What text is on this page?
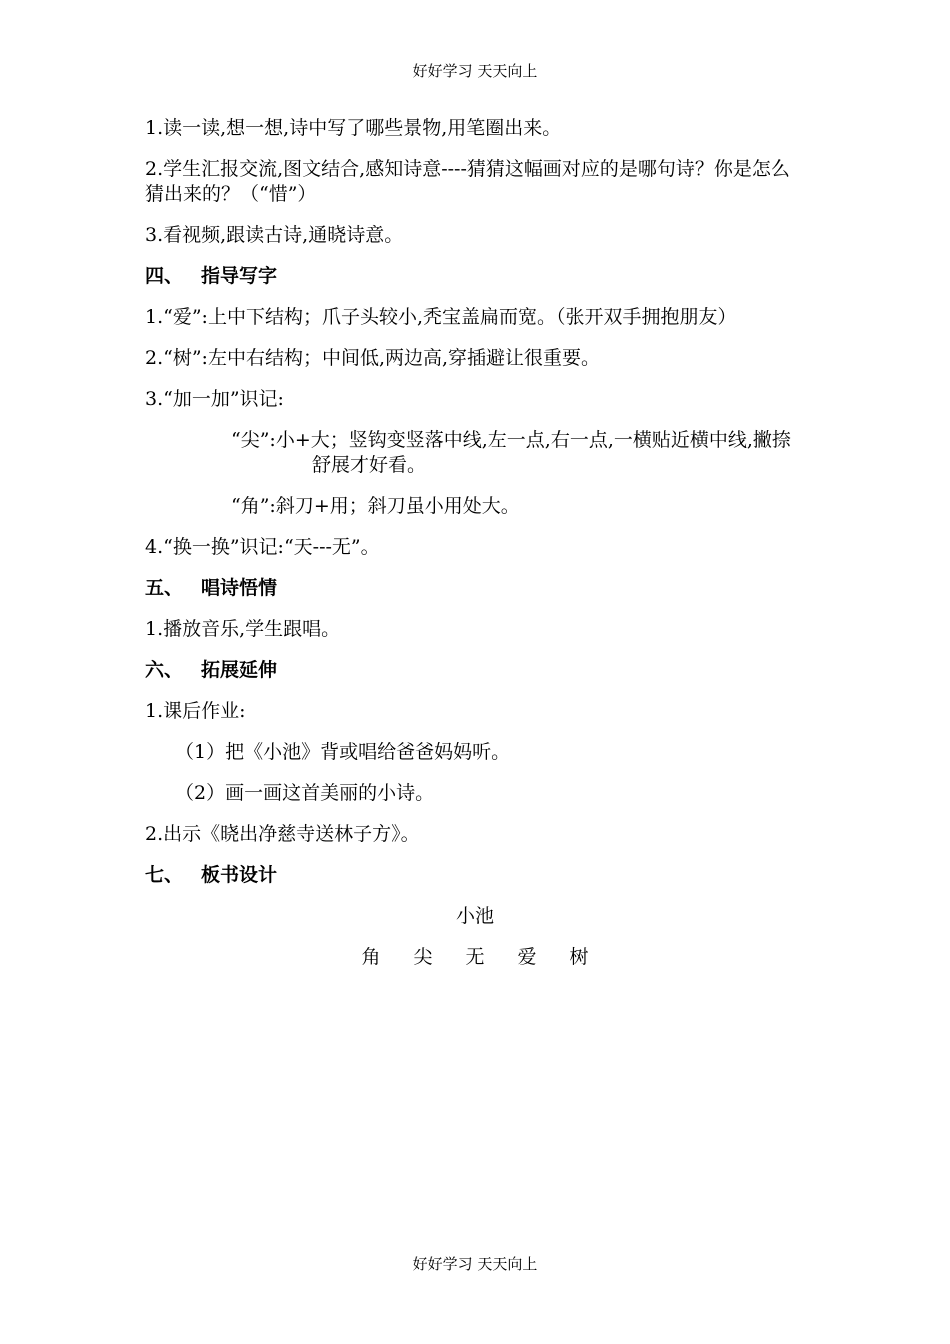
好好学习 天天向上
1.读一读,想一想,诗中写了哪些景物,用笔圈出来。
2.学生汇报交流,图文结合,感知诗意----猜猜这幅画对应的是哪句诗？你是怎么猜出来的？（“惜”）
3.看视频,跟读古诗,通晓诗意。
四、 指导写字
1.“爱”:上中下结构；爪子头较小,秃宝盖扁而宽。（张开双手拥抱朋友）
2.“树”:左中右结构；中间低,两边高,穿插避让很重要。
3.“加一加”识记:
“尖”:小+大；竖钩变竖落中线,左一点,右一点,一横贴近横中线,撇捺舒展才好看。
“角”:斜刀+用；斜刀虽小用处大。
4.“换一换”识记:“天---无”。
五、 唱诗悟情
1.播放音乐,学生跟唱。
六、 拓展延伸
1.课后作业:
（1）把《小池》背或唱给爸爸妈妈听。
（2）画一画这首美丽的小诗。
2.出示《晓出净慈寺送林子方》。
七、 板书设计
小池
角 尖 无 爱 树
好好学习 天天向上
